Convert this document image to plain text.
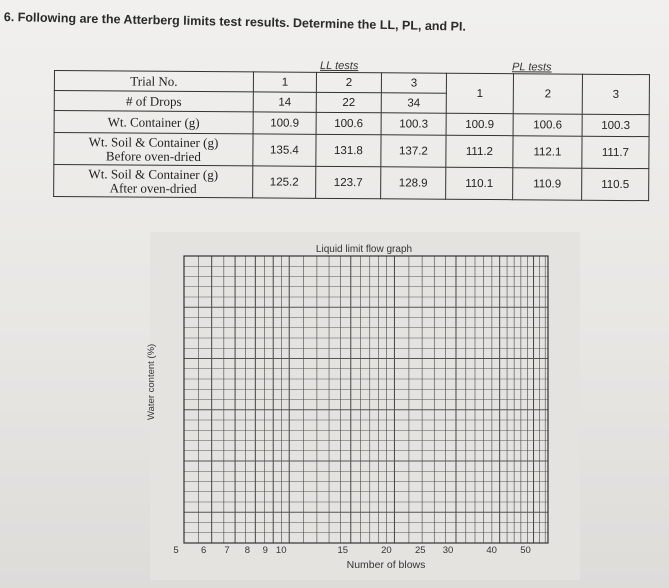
6. Following are the Atterberg limits test results. Determine the LL, PL, and PI.
LL tests	PL tests
Trial No.	1	2	3	1	2	3
# of Drops	14	22	34			
Wt. Container (g)	100.9	100.6	100.3	100.9	100.6	100.3

Wt. Soil & Container (g)
Before oven-dried	135.4	131.8	137.2	111.2	112.1	111.7

Wt. Soil & Container (g)
After oven-dried	125.2	123.7	128.9	110.1	110.9	110.5
Liquid limit flow graph
5 6 7 8 9 10	15	20 25 30	40 50
Number of blows
Water content (%)
